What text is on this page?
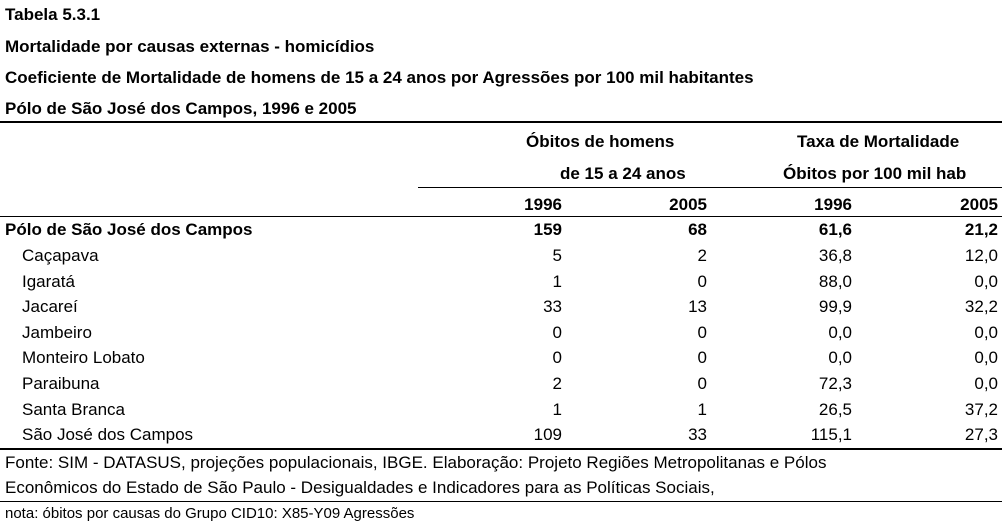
Tabela 5.3.1
Mortalidade por causas externas - homicídios
Coeficiente de Mortalidade de homens de 15 a 24 anos por Agressões por 100 mil habitantes
Pólo de São José dos Campos, 1996 e 2005
Óbitos de homens
de 15 a 24 anos
Taxa de Mortalidade
Óbitos por 100 mil hab
1996	2005	1996	2005
Pólo de São José dos Campos	159	68	61,6	21,2
Caçapava	5	2	36,8	12,0
Igaratá	1	0	88,0	0,0
Jacareí	33	13	99,9	32,2
Jambeiro	0	0	0,0	0,0
Monteiro Lobato	0	0	0,0	0,0
Paraibuna	2	0	72,3	0,0
Santa Branca	1	1	26,5	37,2
São José dos Campos	109	33	115,1	27,3
Fonte: SIM - DATASUS, projeções populacionais, IBGE. Elaboração: Projeto Regiões Metropolitanas e Pólos
Econômicos do Estado de São Paulo - Desigualdades e Indicadores para as Políticas Sociais,
nota: óbitos por causas do Grupo CID10: X85-Y09 Agressões
